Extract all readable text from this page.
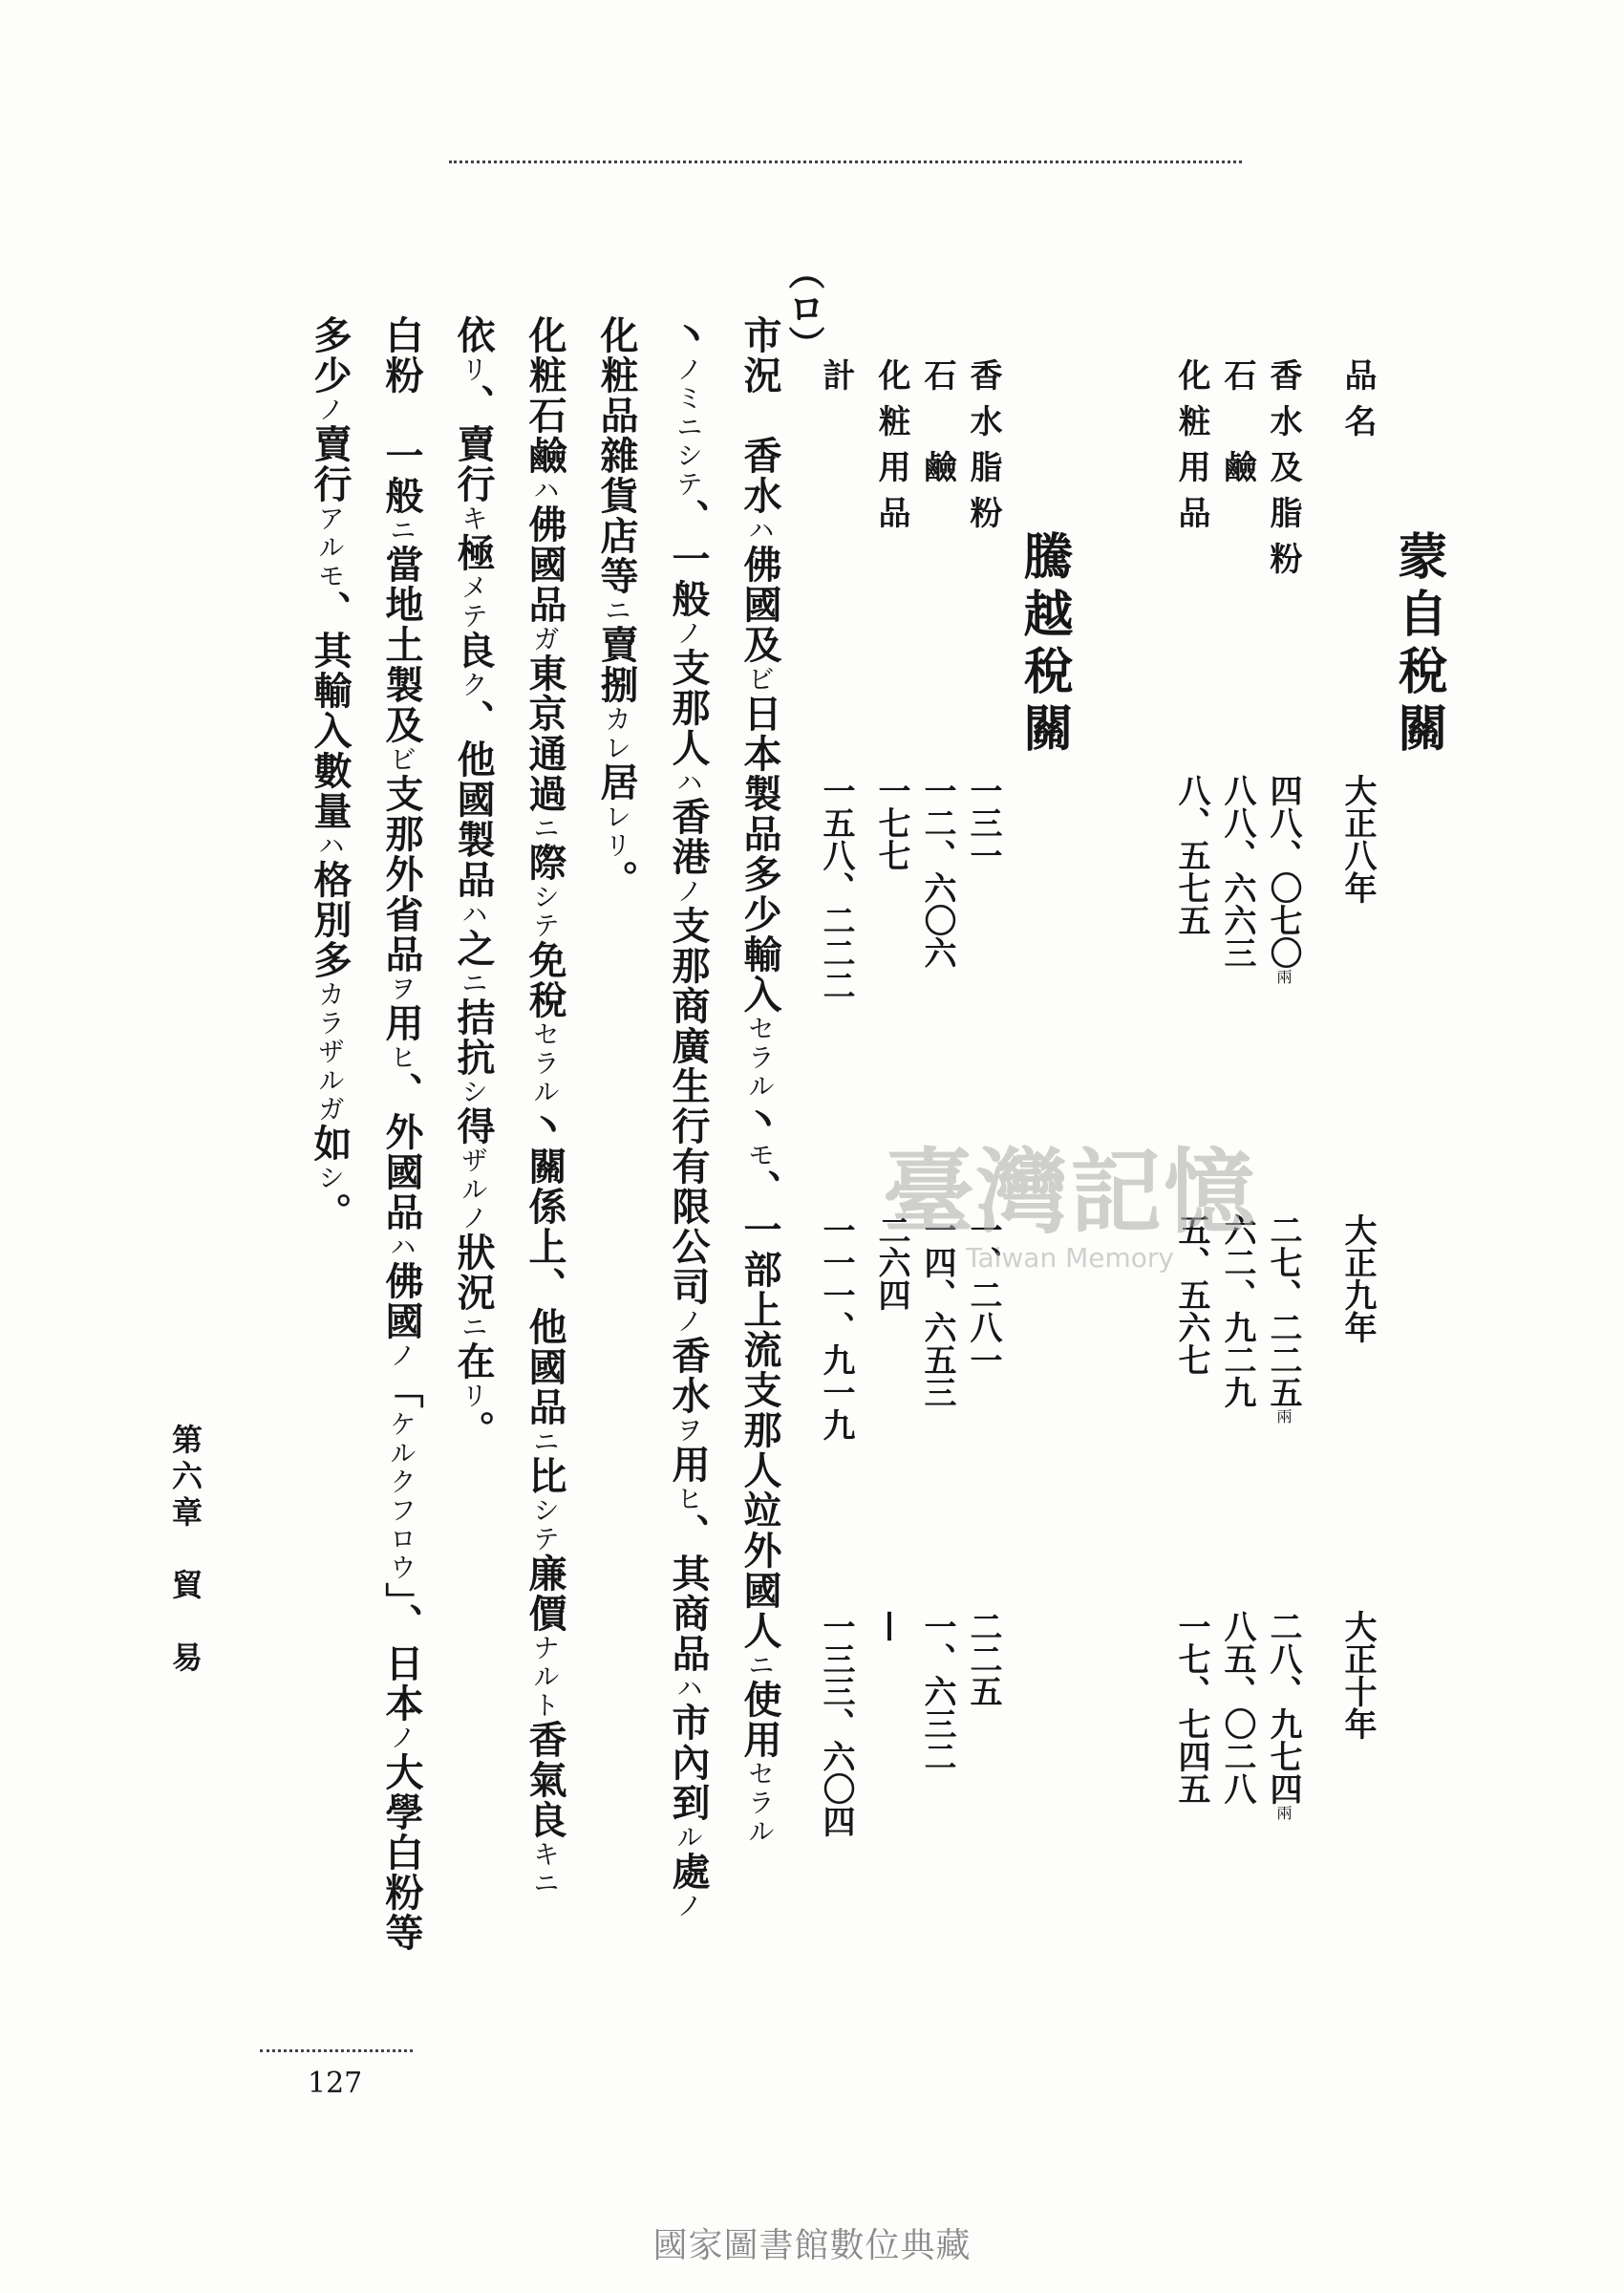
蒙自稅關
騰越稅關
品名
大正八年
大正九年
大正十年
香水及脂粉
四八、〇七〇兩
二七、二二五兩
二八、九七四兩
石　鹼
八八、六六三
六二、九二九
八五、〇二八
化粧用品
八、五七五
五、五六七
一七、七四五
香水脂粉
一三一
一、二八一
二二五
石　鹼
一二、六〇六
一四、六五三
一、六三二
化粧用品
一七七
二六四
—
計
一五八、二二二
一一一、九一九
一三三、六〇四
（ロ）
市況　香水ハ佛國及ビ日本製品多少輸入セラル丶モ、一部上流支那人竝外國人ニ使用セラル
丶ノミニシテ、一般ノ支那人ハ香港ノ支那商廣生行有限公司ノ香水ヲ用ヒ、其商品ハ市內到ル處ノ
化粧品雜貨店等ニ賣捌カレ居レリ。
化粧石鹼ハ佛國品ガ東京通過ニ際シテ免稅セラル丶關係上、他國品ニ比シテ廉價ナルト香氣良キニ
依リ、賣行キ極メテ良ク、他國製品ハ之ニ拮抗シ得ザルノ狀況ニ在リ。
白粉　一般ニ當地土製及ビ支那外省品ヲ用ヒ、外國品ハ佛國ノ「ケルクフロウ」、日本ノ大學白粉等
多少ノ賣行アルモ、其輸入數量ハ格別多カラザルガ如シ。
第六章　貿　易
127
臺灣記憶
Taiwan Memory
國家圖書館數位典藏
